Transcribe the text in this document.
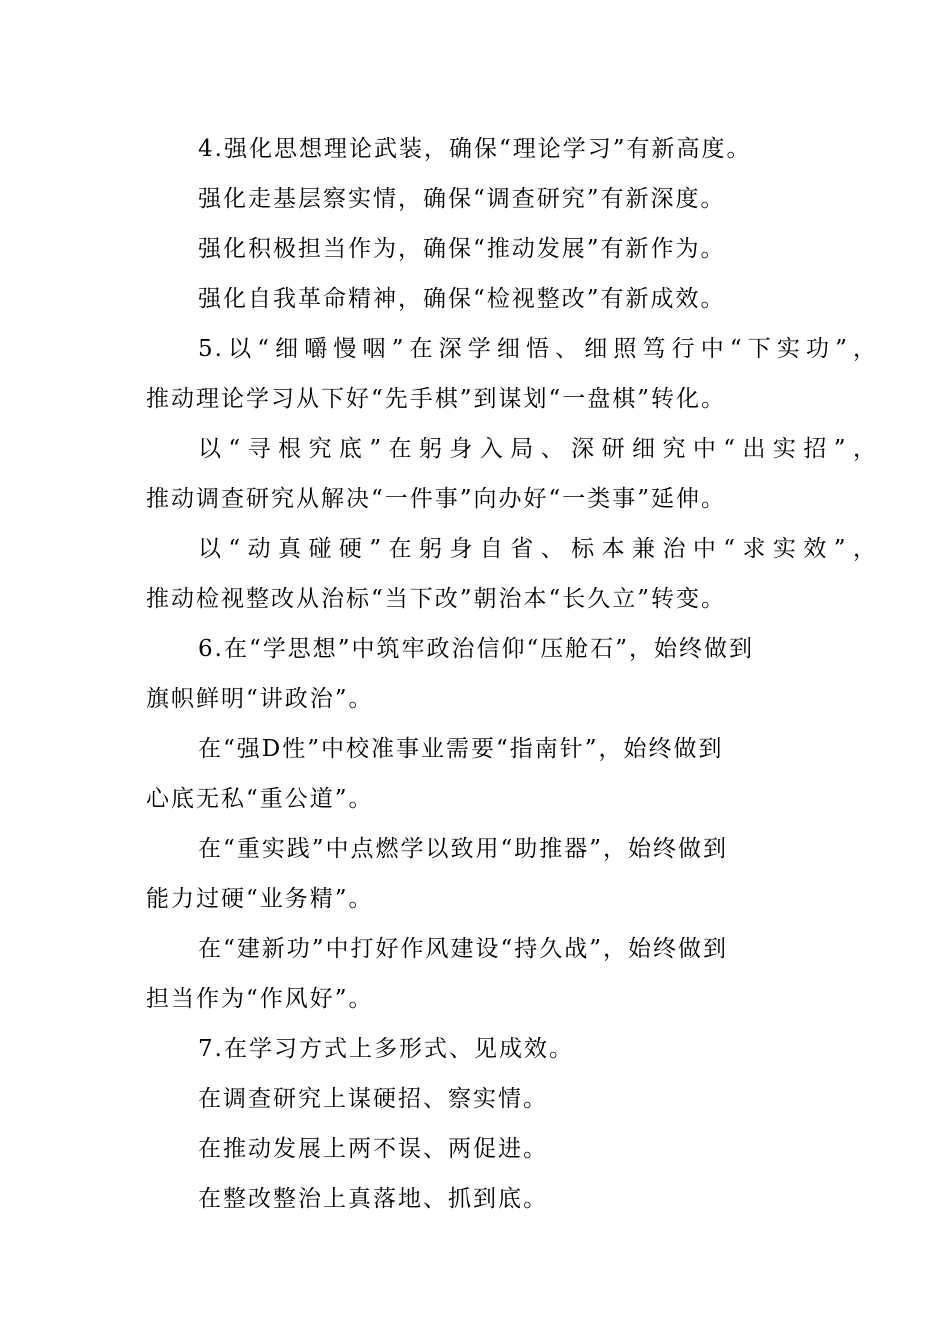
4.强化思想理论武装，确保“理论学习”有新高度。
强化走基层察实情，确保“调查研究”有新深度。
强化积极担当作为，确保“推动发展”有新作为。
强化自我革命精神，确保“检视整改”有新成效。
5.以“细嚼慢咽”在深学细悟、细照笃行中“下实功”，
推动理论学习从下好“先手棋”到谋划“一盘棋”转化。
以“寻根究底”在躬身入局、深研细究中“出实招”，
推动调查研究从解决“一件事”向办好“一类事”延伸。
以“动真碰硬”在躬身自省、标本兼治中“求实效”，
推动检视整改从治标“当下改”朝治本“长久立”转变。
6.在“学思想”中筑牢政治信仰“压舱石”，始终做到
旗帜鲜明“讲政治”。
在“强D性”中校准事业需要“指南针”，始终做到
心底无私“重公道”。
在“重实践”中点燃学以致用“助推器”，始终做到
能力过硬“业务精”。
在“建新功”中打好作风建设“持久战”，始终做到
担当作为“作风好”。
7.在学习方式上多形式、见成效。
在调查研究上谋硬招、察实情。
在推动发展上两不误、两促进。
在整改整治上真落地、抓到底。
